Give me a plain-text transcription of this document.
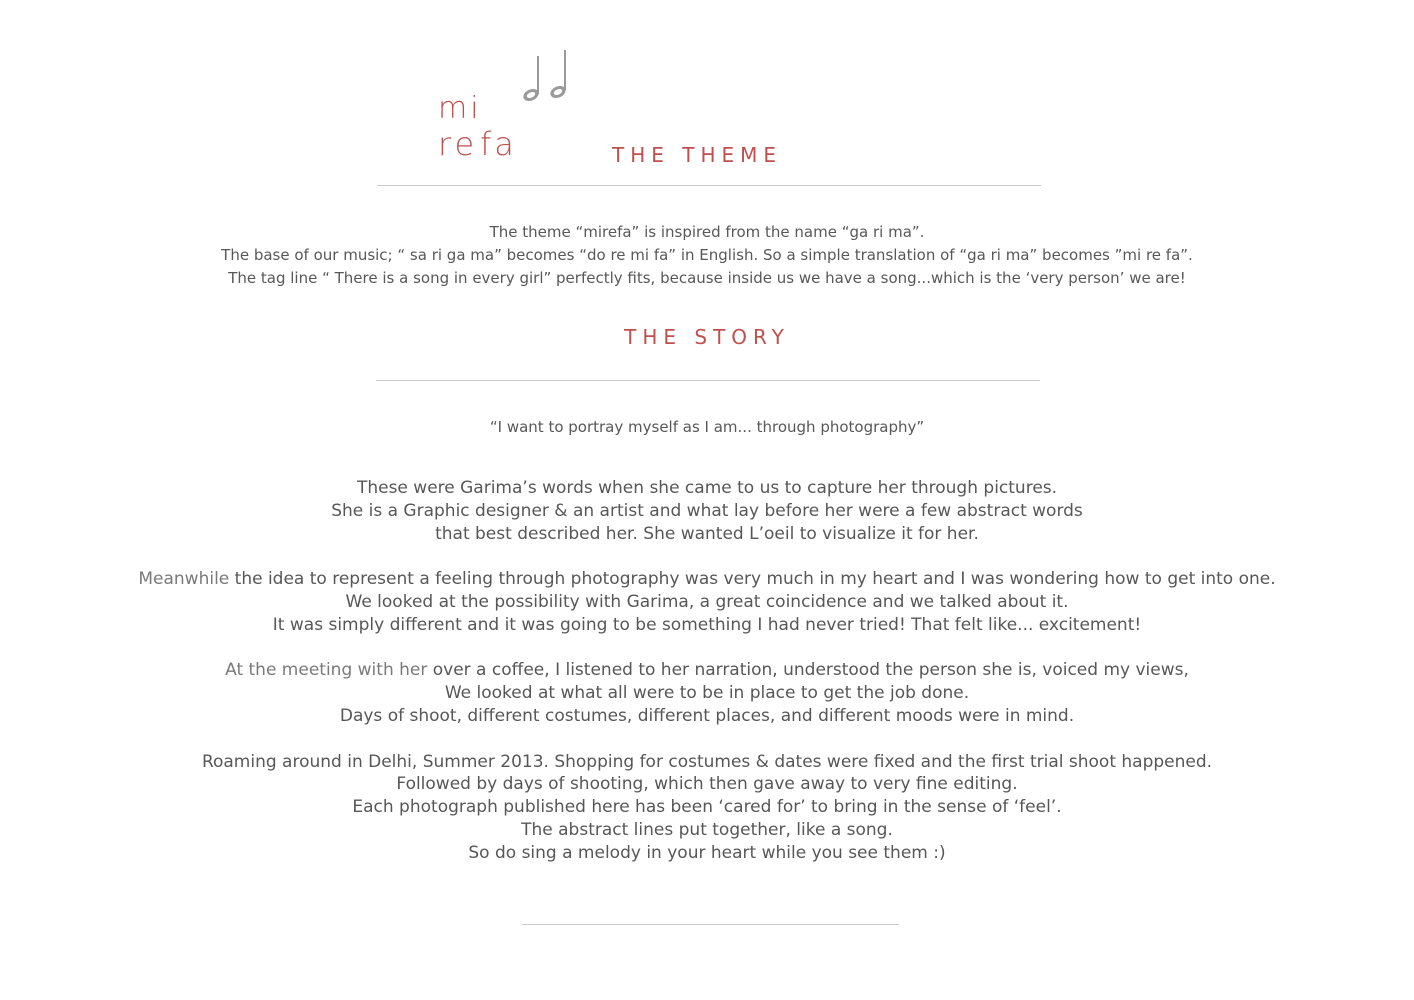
mi
re fa	THE THEME
The theme “mirefa” is inspired from the name “ga ri ma”.
The base of our music; “ sa ri ga ma” becomes “do re mi fa” in English. So a simple translation of “ga ri ma” becomes ”mi re fa”.
The tag line “ There is a song in every girl” perfectly fits, because inside us we have a song...which is the ‘very person’ we are!
THE STORY
“I want to portray myself as I am... through photography”
These were Garima’s words when she came to us to capture her through pictures.
She is a Graphic designer & an artist and what lay before her were a few abstract words
that best described her. She wanted L’oeil to visualize it for her.
Meanwhile the idea to represent a feeling through photography was very much in my heart and I was wondering how to get into one.
We looked at the possibility with Garima, a great coincidence and we talked about it.
It was simply different and it was going to be something I had never tried! That felt like... excitement!
At the meeting with her over a coffee, I listened to her narration, understood the person she is, voiced my views,
We looked at what all were to be in place to get the job done.
Days of shoot, different costumes, different places, and different moods were in mind.
Roaming around in Delhi, Summer 2013. Shopping for costumes & dates were fixed and the first trial shoot happened.
Followed by days of shooting, which then gave away to very fine editing.
Each photograph published here has been ‘cared for’ to bring in the sense of ‘feel’.
The abstract lines put together, like a song.
So do sing a melody in your heart while you see them :)
